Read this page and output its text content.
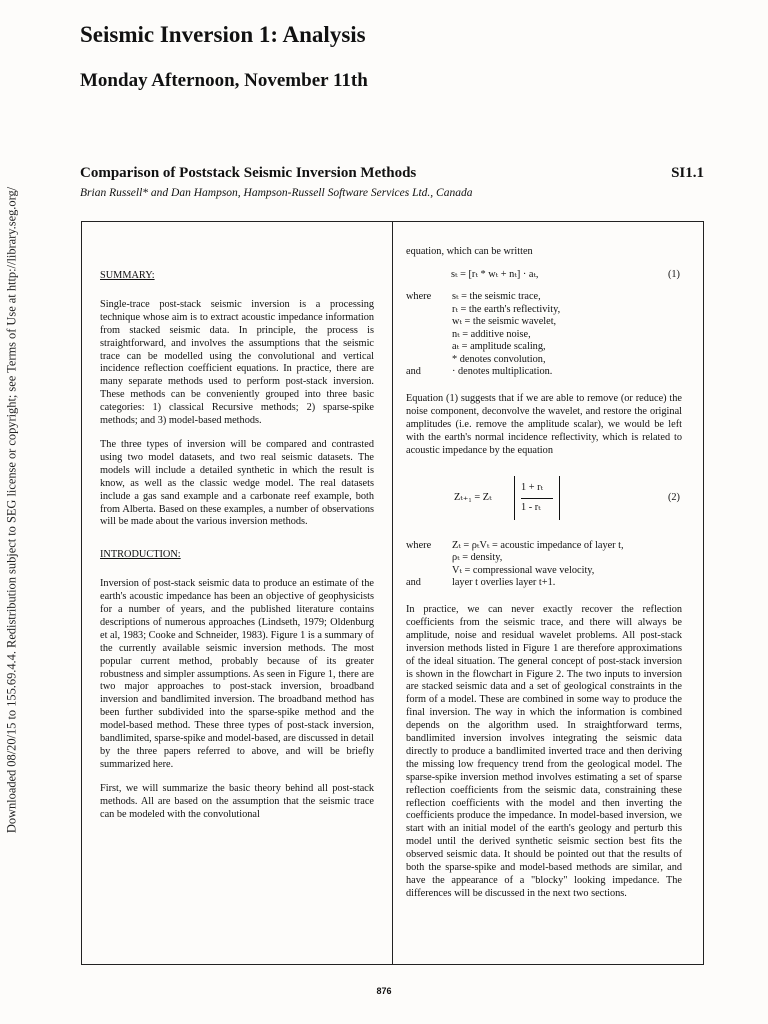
Downloaded 08/20/15 to 155.69.4.4. Redistribution subject to SEG license or copyright; see Terms of Use at http://library.seg.org/
Seismic Inversion 1: Analysis
Monday Afternoon, November 11th
Comparison of Poststack Seismic Inversion Methods	SI1.1
Brian Russell* and Dan Hampson, Hampson-Russell Software Services Ltd., Canada
SUMMARY:

Single-trace post-stack seismic inversion is a processing technique whose aim is to extract acoustic impedance information from stacked seismic data. In principle, the process is straightforward, and involves the assumptions that the seismic trace can be modelled using the convolutional and vertical incidence reflection coefficient equations. In practice, there are many separate methods used to perform post-stack inversion. These methods can be conveniently grouped into three basic categories: 1) classical Recursive methods; 2) sparse-spike methods; and 3) model-based methods.

The three types of inversion will be compared and contrasted using two model datasets, and two real seismic datasets. The models will include a detailed synthetic in which the result is know, as well as the classic wedge model. The real datasets include a gas sand example and a carbonate reef example, both from Alberta. Based on these examples, a number of observations will be made about the various inversion methods.

INTRODUCTION:

Inversion of post-stack seismic data to produce an estimate of the earth's acoustic impedance has been an objective of geophysicists for a number of years, and the published literature contains descriptions of numerous approaches (Lindseth, 1979; Oldenburg et al, 1983; Cooke and Schneider, 1983). Figure 1 is a summary of the currently available seismic inversion methods. The most popular current method, probably because of its greater robustness and simpler assumptions. As seen in Figure 1, there are two major approaches to post-stack inversion, broadband inversion and bandlimited inversion. The broadband method has been further subdivided into the sparse-spike method and the model-based method. These three types of post-stack inversion, bandlimited, sparse-spike and model-based, are discussed in detail by the three papers referred to above, and will be briefly summarized here.

First, we will summarize the basic theory behind all post-stack methods. All are based on the assumption that the seismic trace can be modeled with the convolutional

equation, which can be written

sₜ = [rₜ * wₜ + nₜ] · aₜ,	(1)
where	sₜ = the seismic trace,
rₜ = the earth's reflectivity,
wₜ = the seismic wavelet,
nₜ = additive noise,
aₜ = amplitude scaling,
* denotes convolution,
and	· denotes multiplication.

Equation (1) suggests that if we are able to remove (or reduce) the noise component, deconvolve the wavelet, and restore the original amplitudes (i.e. remove the amplitude scalar), we would be left with the earth's normal incidence reflectivity, which is related to acoustic impedance by the equation

Zₜ₊₁ = Zₜ
1 + rₜ
1 - rₜ
(2)
where	Zₜ = ρₜVₜ = acoustic impedance of layer t,
ρₜ = density,
Vₜ = compressional wave velocity,
and	layer t overlies layer t+1.

In practice, we can never exactly recover the reflection coefficients from the seismic trace, and there will always be amplitude, noise and residual wavelet problems. All post-stack inversion methods listed in Figure 1 are therefore approximations of the ideal situation. The general concept of post-stack inversion is shown in the flowchart in Figure 2. The two inputs to inversion are stacked seismic data and a set of geological constraints in the form of a model. These are combined in some way to produce the final inversion. The way in which the information is combined depends on the algorithm used. In straightforward terms, bandlimited inversion involves integrating the seismic data directly to produce a bandlimited inverted trace and then deriving the missing low frequency trend from the geological model. The sparse-spike inversion method involves estimating a set of sparse reflection coefficients from the seismic data, constraining these reflection coefficients with the model and then inverting the coefficients produce the impedance. In model-based inversion, we start with an initial model of the earth's geology and perturb this model until the derived synthetic seismic section best fits the observed seismic data. It should be pointed out that the results of both the sparse-spike and model-based methods are similar, and have the appearance of a "blocky" looking impedance. The differences will be discussed in the next two sections.

876
